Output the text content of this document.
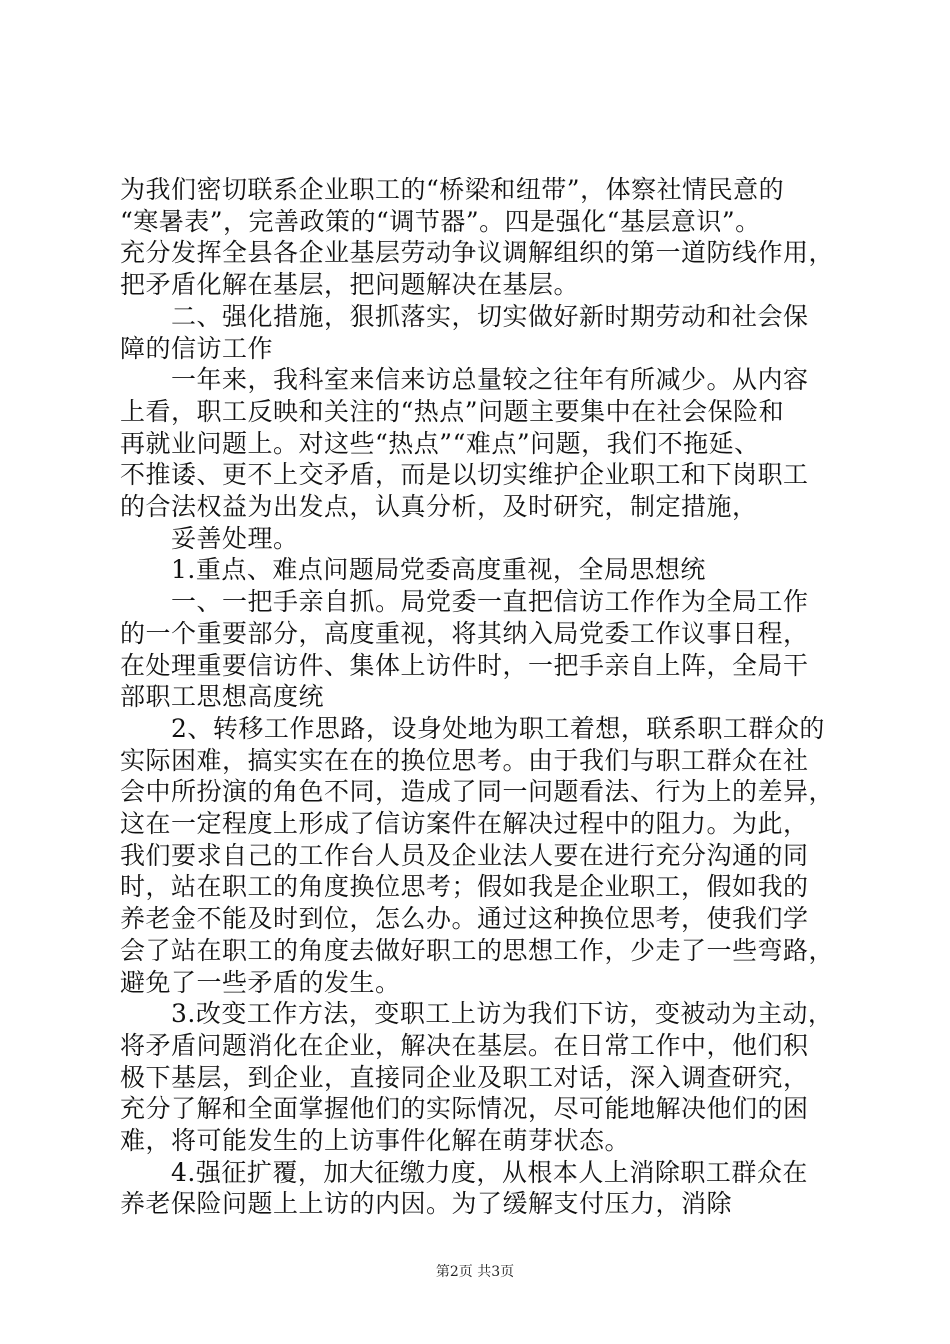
为我们密切联系企业职工的“桥梁和纽带”，体察社情民意的
“寒暑表”，完善政策的“调节器”。四是强化“基层意识”。
充分发挥全县各企业基层劳动争议调解组织的第一道防线作用，
把矛盾化解在基层，把问题解决在基层。
　　二、强化措施，狠抓落实，切实做好新时期劳动和社会保
障的信访工作
　　一年来，我科室来信来访总量较之往年有所减少。从内容
上看，职工反映和关注的“热点”问题主要集中在社会保险和
再就业问题上。对这些“热点”“难点”问题，我们不拖延、
不推诿、更不上交矛盾，而是以切实维护企业职工和下岗职工
的合法权益为出发点，认真分析，及时研究，制定措施，
　　妥善处理。
　　1.重点、难点问题局党委高度重视，全局思想统
　　一、一把手亲自抓。局党委一直把信访工作作为全局工作
的一个重要部分，高度重视，将其纳入局党委工作议事日程，
在处理重要信访件、集体上访件时，一把手亲自上阵，全局干
部职工思想高度统
　　2、转移工作思路，设身处地为职工着想，联系职工群众的
实际困难，搞实实在在的换位思考。由于我们与职工群众在社
会中所扮演的角色不同，造成了同一问题看法、行为上的差异，
这在一定程度上形成了信访案件在解决过程中的阻力。为此，
我们要求自己的工作台人员及企业法人要在进行充分沟通的同
时，站在职工的角度换位思考；假如我是企业职工，假如我的
养老金不能及时到位，怎么办。通过这种换位思考，使我们学
会了站在职工的角度去做好职工的思想工作，少走了一些弯路，
避免了一些矛盾的发生。
　　3.改变工作方法，变职工上访为我们下访，变被动为主动，
将矛盾问题消化在企业，解决在基层。在日常工作中，他们积
极下基层，到企业，直接同企业及职工对话，深入调查研究，
充分了解和全面掌握他们的实际情况，尽可能地解决他们的困
难，将可能发生的上访事件化解在萌芽状态。
　　4.强征扩覆，加大征缴力度，从根本人上消除职工群众在
养老保险问题上上访的内因。为了缓解支付压力，消除
第2页 共3页
